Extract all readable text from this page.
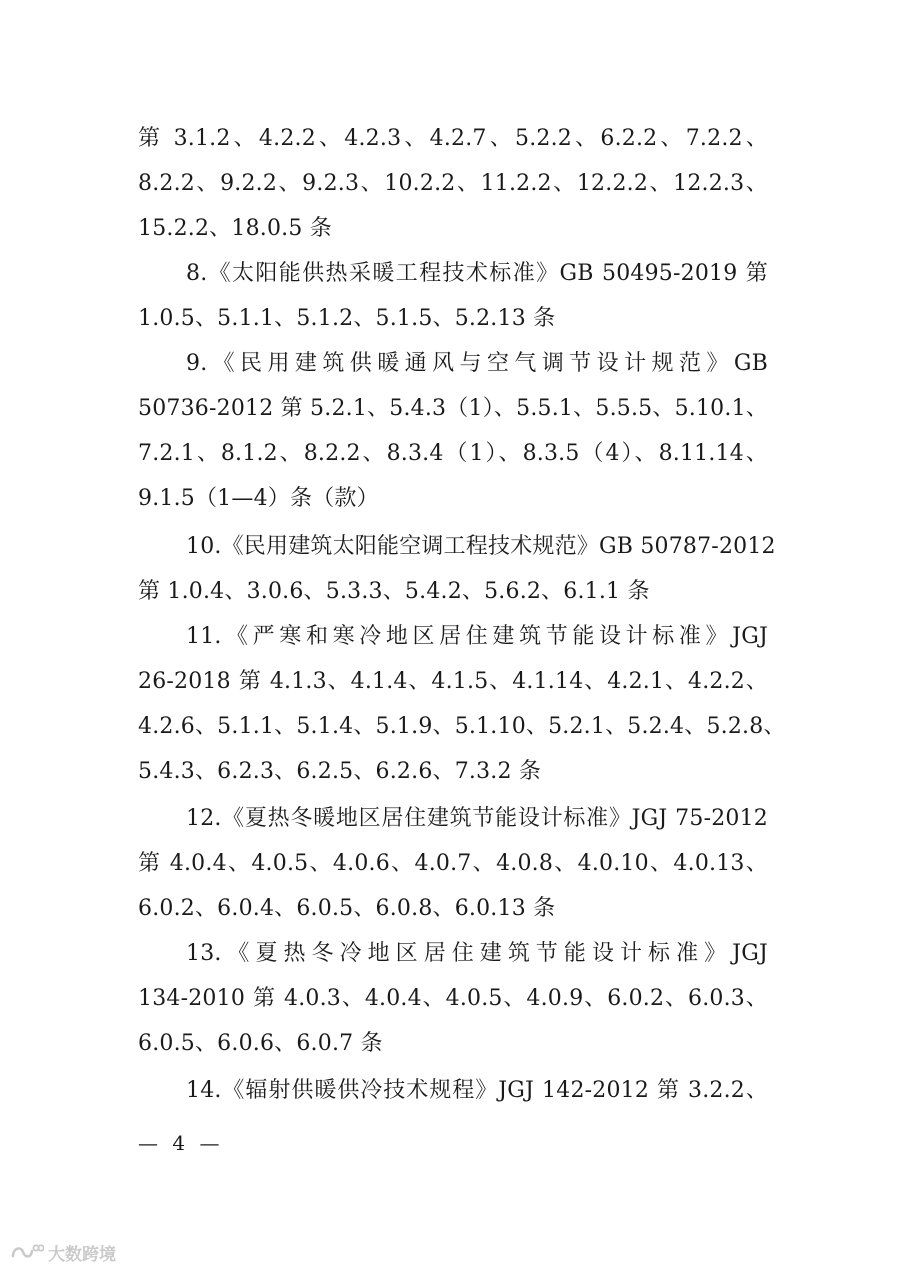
第 3.1.2、4.2.2、4.2.3、4.2.7、5.2.2、6.2.2、7.2.2、
8.2.2、9.2.2、9.2.3、10.2.2、11.2.2、12.2.2、12.2.3、
15.2.2、18.0.5 条
8.《太阳能供热采暖工程技术标准》GB 50495-2019 第
1.0.5、5.1.1、5.1.2、5.1.5、5.2.13 条
9.《民用建筑供暖通风与空气调节设计规范》GB
50736-2012 第 5.2.1、5.4.3（1）、5.5.1、5.5.5、5.10.1、
7.2.1、8.1.2、8.2.2、8.3.4（1）、8.3.5（4）、8.11.14、
9.1.5（1—4）条（款）
10.《民用建筑太阳能空调工程技术规范》GB 50787-2012
第 1.0.4、3.0.6、5.3.3、5.4.2、5.6.2、6.1.1 条
11.《严寒和寒冷地区居住建筑节能设计标准》JGJ
26-2018 第 4.1.3、4.1.4、4.1.5、4.1.14、4.2.1、4.2.2、
4.2.6、5.1.1、5.1.4、5.1.9、5.1.10、5.2.1、5.2.4、5.2.8、
5.4.3、6.2.3、6.2.5、6.2.6、7.3.2 条
12.《夏热冬暖地区居住建筑节能设计标准》JGJ 75-2012
第 4.0.4、4.0.5、4.0.6、4.0.7、4.0.8、4.0.10、4.0.13、
6.0.2、6.0.4、6.0.5、6.0.8、6.0.13 条
13.《夏热冬冷地区居住建筑节能设计标准》JGJ
134-2010 第 4.0.3、4.0.4、4.0.5、4.0.9、6.0.2、6.0.3、
6.0.5、6.0.6、6.0.7 条
14.《辐射供暖供冷技术规程》JGJ 142-2012 第 3.2.2、
— 4 —
大数跨境
